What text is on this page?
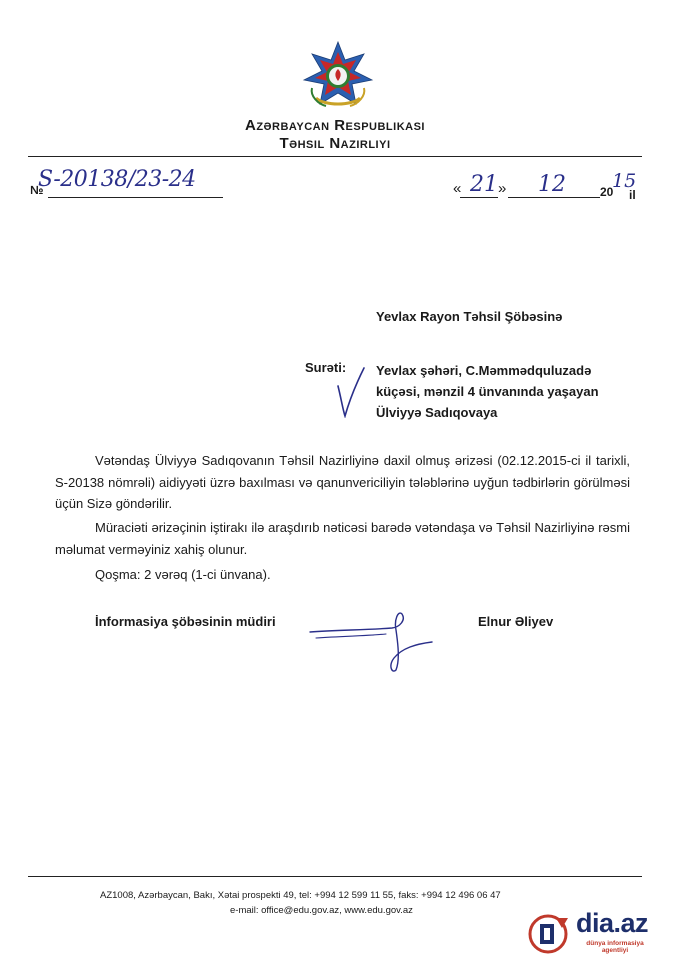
Azərbaycan Respublikası
Təhsil Nazirliyi
№
S-20138/23-24	« 21 » 12	20
15
il
Yevlax Rayon Təhsil Şöbəsinə
Surəti: Yevlax şəhəri, C.Məmmədquluzadə
küçəsi, mənzil 4 ünvanında yaşayan
Ülviyyə Sadıqovaya
Vətəndaş Ülviyyə Sadıqovanın Təhsil Nazirliyinə daxil olmuş ərizəsi (02.12.2015-ci il tarixli, S-20138 nömrəli) aidiyyəti üzrə baxılması və qanunvericiliyin tələblərinə uyğun tədbirlərin görülməsi üçün Sizə göndərilir.
Müraciəti ərizəçinin iştirakı ilə araşdırıb nəticəsi barədə vətəndaşa və Təhsil Nazirliyinə rəsmi məlumat verməyiniz xahiş olunur.
Qoşma: 2 vərəq (1-ci ünvana).
İnformasiya şöbəsinin müdiri	Elnur Əliyev
AZ1008, Azərbaycan, Bakı, Xətai prospekti 49, tel: +994 12 599 11 55, faks: +994 12 496 06 47
e-mail: office@edu.gov.az, www.edu.gov.az	dia.az
dünya informasiya agentliyi
